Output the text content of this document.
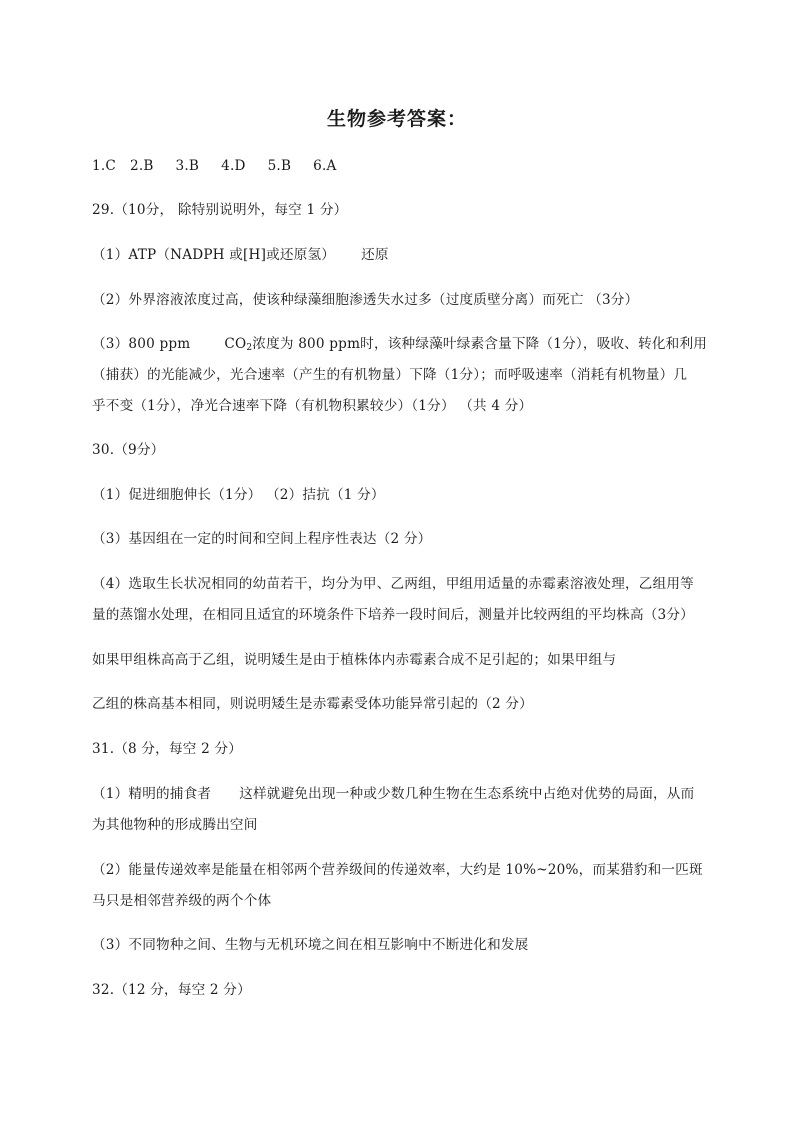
生物参考答案：
1.C 2.B 3.B 4.D 5.B 6.A
29.（10分， 除特别说明外，每空 1 分）
（1）ATP（NADPH 或[H]或还原氢） 还原
（2）外界溶液浓度过高，使该种绿藻细胞渗透失水过多（过度质壁分离）而死亡 （3分）
（3）800 ppm	$CO_2$浓度为 800 ppm时，该种绿藻叶绿素含量下降（1分），吸收、转化和利用
（捕获）的光能减少，光合速率（产生的有机物量）下降（1分）；而呼吸速率（消耗有机物量）几
乎不变（1分），净光合速率下降（有机物积累较少）（1分） （共 4 分）
30.（9分）
（1）促进细胞伸长（1分） （2）拮抗（1 分）
（3）基因组在一定的时间和空间上程序性表达（2 分）
（4）选取生长状况相同的幼苗若干，均分为甲、乙两组，甲组用适量的赤霉素溶液处理，乙组用等
量的蒸馏水处理，在相同且适宜的环境条件下培养一段时间后，测量并比较两组的平均株高（3分）
如果甲组株高高于乙组，说明矮生是由于植株体内赤霉素合成不足引起的；如果甲组与
乙组的株高基本相同，则说明矮生是赤霉素受体功能异常引起的（2 分）
31.（8 分，每空 2 分）
（1）精明的捕食者 这样就避免出现一种或少数几种生物在生态系统中占绝对优势的局面，从而
为其他物种的形成腾出空间
（2）能量传递效率是能量在相邻两个营养级间的传递效率，大约是 10%~20%，而某猎豹和一匹斑
马只是相邻营养级的两个个体
（3）不同物种之间、生物与无机环境之间在相互影响中不断进化和发展
32.（12 分，每空 2 分）
